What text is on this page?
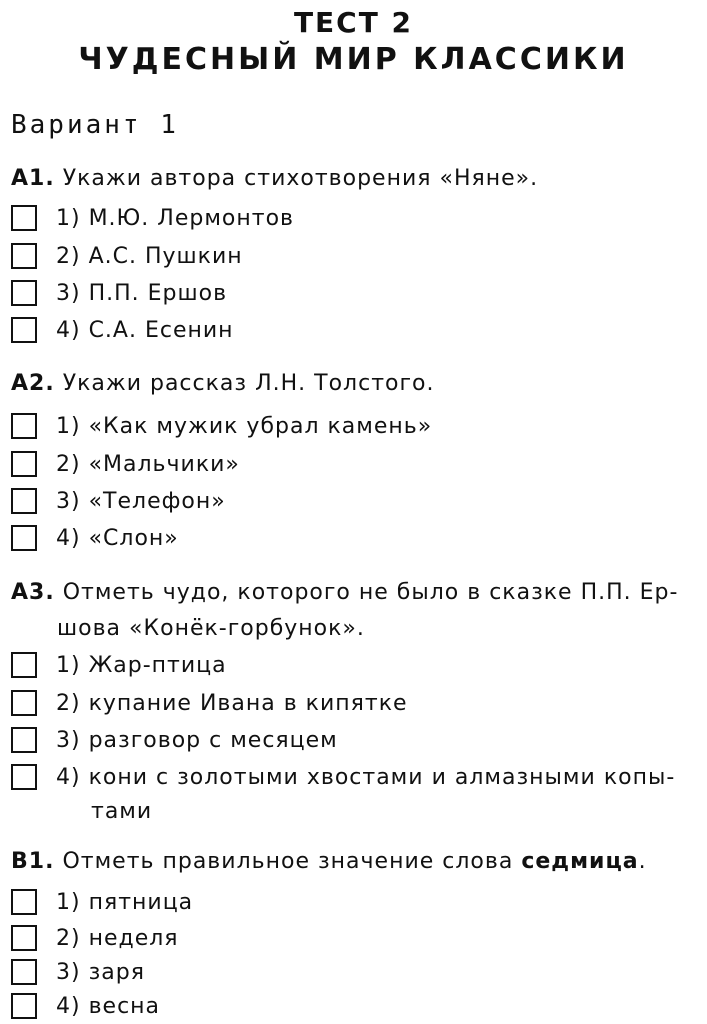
ТЕСТ 2
ЧУДЕСНЫЙ МИР КЛАССИКИ
Вариант 1
A1. Укажи автора стихотворения «Няне».
1) М.Ю. Лермонтов
2) А.С. Пушкин
3) П.П. Ершов
4) С.А. Есенин
A2. Укажи рассказ Л.Н. Толстого.
1) «Как мужик убрал камень»
2) «Мальчики»
3) «Телефон»
4) «Слон»
A3. Отметь чудо, которого не было в сказке П.П. Ер-
шова «Конёк-горбунок».
1) Жар-птица
2) купание Ивана в кипятке
3) разговор с месяцем
4) кони с золотыми хвостами и алмазными копы-
тами
B1. Отметь правильное значение слова седмица.
1) пятница
2) неделя
3) заря
4) весна
